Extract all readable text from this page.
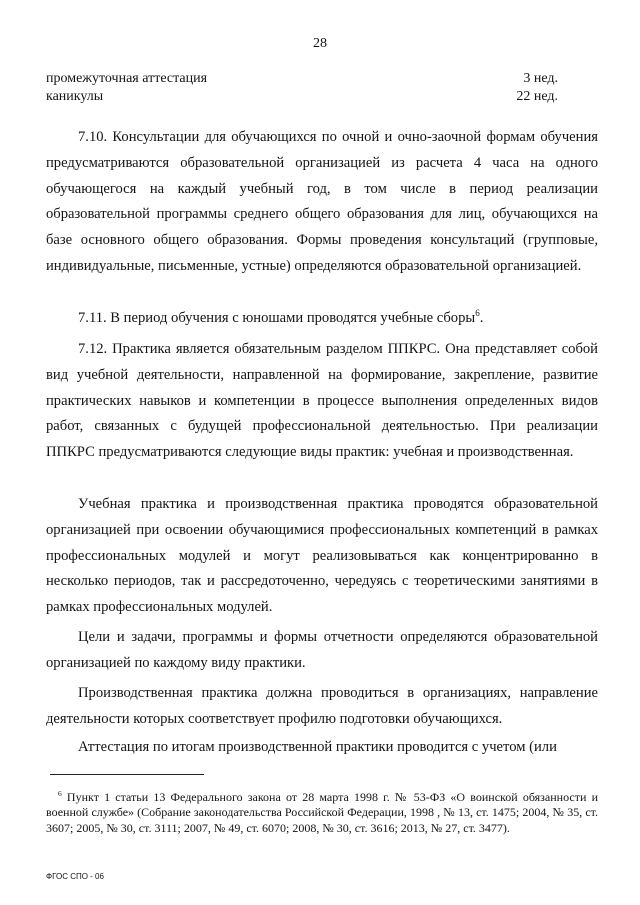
28
промежуточная аттестация	3 нед.
каникулы	22 нед.

7.10. Консультации для обучающихся по очной и очно-заочной формам обучения предусматриваются образовательной организацией из расчета 4 часа на одного обучающегося на каждый учебный год, в том числе в период реализации образовательной программы среднего общего образования для лиц, обучающихся на базе основного общего образования. Формы проведения консультаций (групповые, индивидуальные, письменные, устные) определяются образовательной организацией.

7.11. В период обучения с юношами проводятся учебные сборы$^6$.

7.12. Практика является обязательным разделом ППКРС. Она представляет собой вид учебной деятельности, направленной на формирование, закрепление, развитие практических навыков и компетенции в процессе выполнения определенных видов работ, связанных с будущей профессиональной деятельностью. При реализации ППКРС предусматриваются следующие виды практик: учебная и производственная.

Учебная практика и производственная практика проводятся образовательной организацией при освоении обучающимися профессиональных компетенций в рамках профессиональных модулей и могут реализовываться как концентрированно в несколько периодов, так и рассредоточенно, чередуясь с теоретическими занятиями в рамках профессиональных модулей.

Цели и задачи, программы и формы отчетности определяются образовательной организацией по каждому виду практики.

Производственная практика должна проводиться в организациях, направление деятельности которых соответствует профилю подготовки обучающихся.

Аттестация по итогам производственной практики проводится с учетом (или

$^6$ Пункт 1 статьи 13 Федерального закона от 28 марта 1998 г. № 53-ФЗ «О воинской обязанности и военной службе» (Собрание законодательства Российской Федерации, 1998 , № 13, ст. 1475; 2004, № 35, ст. 3607; 2005, № 30, ст. 3111; 2007, № 49, ст. 6070; 2008, № 30, ст. 3616; 2013, № 27, ст. 3477).

ФГОС СПО - 06
